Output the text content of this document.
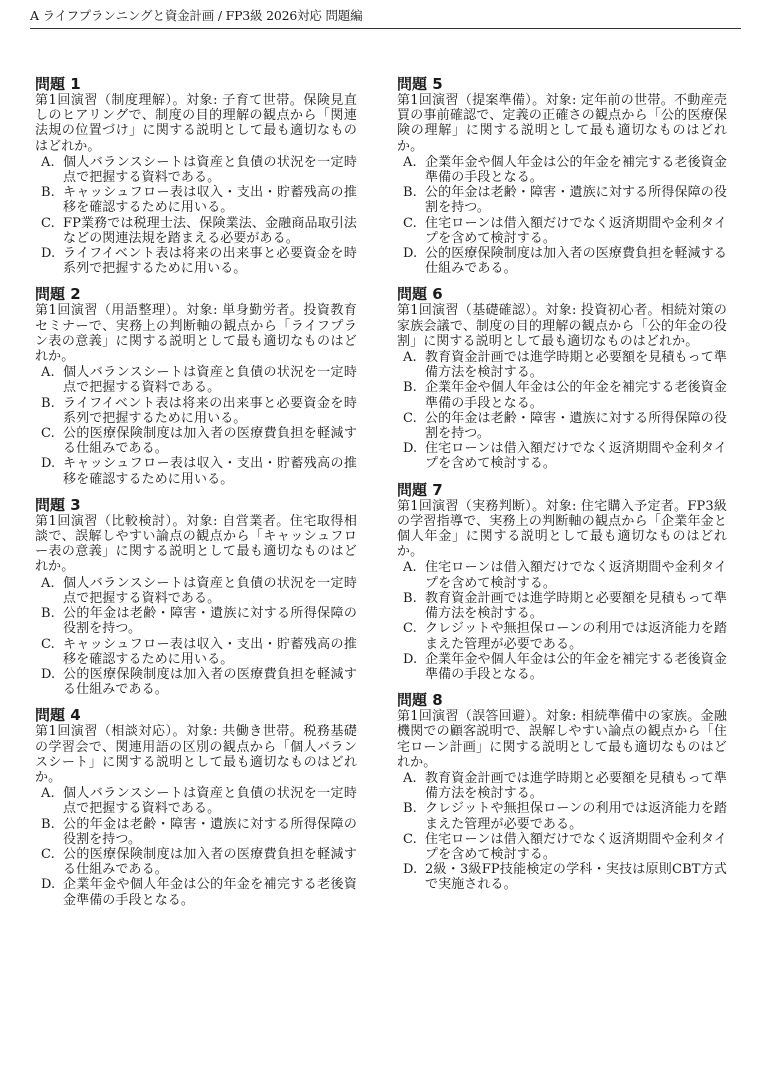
A ライフプランニングと資金計画 / FP3級 2026対応 問題編
問題 1
第1回演習（制度理解）。対象: 子育て世帯。保険見直しのヒアリングで、制度の目的理解の観点から「関連法規の位置づけ」に関する説明として最も適切なものはどれか。
A. 個人バランスシートは資産と負債の状況を一定時点で把握する資料である。
B. キャッシュフロー表は収入・支出・貯蓄残高の推移を確認するために用いる。
C. FP業務では税理士法、保険業法、金融商品取引法などの関連法規を踏まえる必要がある。
D. ライフイベント表は将来の出来事と必要資金を時系列で把握するために用いる。
問題 2
第1回演習（用語整理）。対象: 単身勤労者。投資教育セミナーで、実務上の判断軸の観点から「ライフプラン表の意義」に関する説明として最も適切なものはどれか。
A. 個人バランスシートは資産と負債の状況を一定時点で把握する資料である。
B. ライフイベント表は将来の出来事と必要資金を時系列で把握するために用いる。
C. 公的医療保険制度は加入者の医療費負担を軽減する仕組みである。
D. キャッシュフロー表は収入・支出・貯蓄残高の推移を確認するために用いる。
問題 3
第1回演習（比較検討）。対象: 自営業者。住宅取得相談で、誤解しやすい論点の観点から「キャッシュフロー表の意義」に関する説明として最も適切なものはどれか。
A. 個人バランスシートは資産と負債の状況を一定時点で把握する資料である。
B. 公的年金は老齢・障害・遺族に対する所得保障の役割を持つ。
C. キャッシュフロー表は収入・支出・貯蓄残高の推移を確認するために用いる。
D. 公的医療保険制度は加入者の医療費負担を軽減する仕組みである。
問題 4
第1回演習（相談対応）。対象: 共働き世帯。税務基礎の学習会で、関連用語の区別の観点から「個人バランスシート」に関する説明として最も適切なものはどれか。
A. 個人バランスシートは資産と負債の状況を一定時点で把握する資料である。
B. 公的年金は老齢・障害・遺族に対する所得保障の役割を持つ。
C. 公的医療保険制度は加入者の医療費負担を軽減する仕組みである。
D. 企業年金や個人年金は公的年金を補完する老後資金準備の手段となる。
問題 5
第1回演習（提案準備）。対象: 定年前の世帯。不動産売買の事前確認で、定義の正確さの観点から「公的医療保険の理解」に関する説明として最も適切なものはどれか。
A. 企業年金や個人年金は公的年金を補完する老後資金準備の手段となる。
B. 公的年金は老齢・障害・遺族に対する所得保障の役割を持つ。
C. 住宅ローンは借入額だけでなく返済期間や金利タイプを含めて検討する。
D. 公的医療保険制度は加入者の医療費負担を軽減する仕組みである。
問題 6
第1回演習（基礎確認）。対象: 投資初心者。相続対策の家族会議で、制度の目的理解の観点から「公的年金の役割」に関する説明として最も適切なものはどれか。
A. 教育資金計画では進学時期と必要額を見積もって準備方法を検討する。
B. 企業年金や個人年金は公的年金を補完する老後資金準備の手段となる。
C. 公的年金は老齢・障害・遺族に対する所得保障の役割を持つ。
D. 住宅ローンは借入額だけでなく返済期間や金利タイプを含めて検討する。
問題 7
第1回演習（実務判断）。対象: 住宅購入予定者。FP3級の学習指導で、実務上の判断軸の観点から「企業年金と個人年金」に関する説明として最も適切なものはどれか。
A. 住宅ローンは借入額だけでなく返済期間や金利タイプを含めて検討する。
B. 教育資金計画では進学時期と必要額を見積もって準備方法を検討する。
C. クレジットや無担保ローンの利用では返済能力を踏まえた管理が必要である。
D. 企業年金や個人年金は公的年金を補完する老後資金準備の手段となる。
問題 8
第1回演習（誤答回避）。対象: 相続準備中の家族。金融機関での顧客説明で、誤解しやすい論点の観点から「住宅ローン計画」に関する説明として最も適切なものはどれか。
A. 教育資金計画では進学時期と必要額を見積もって準備方法を検討する。
B. クレジットや無担保ローンの利用では返済能力を踏まえた管理が必要である。
C. 住宅ローンは借入額だけでなく返済期間や金利タイプを含めて検討する。
D. 2級・3級FP技能検定の学科・実技は原則CBT方式で実施される。
